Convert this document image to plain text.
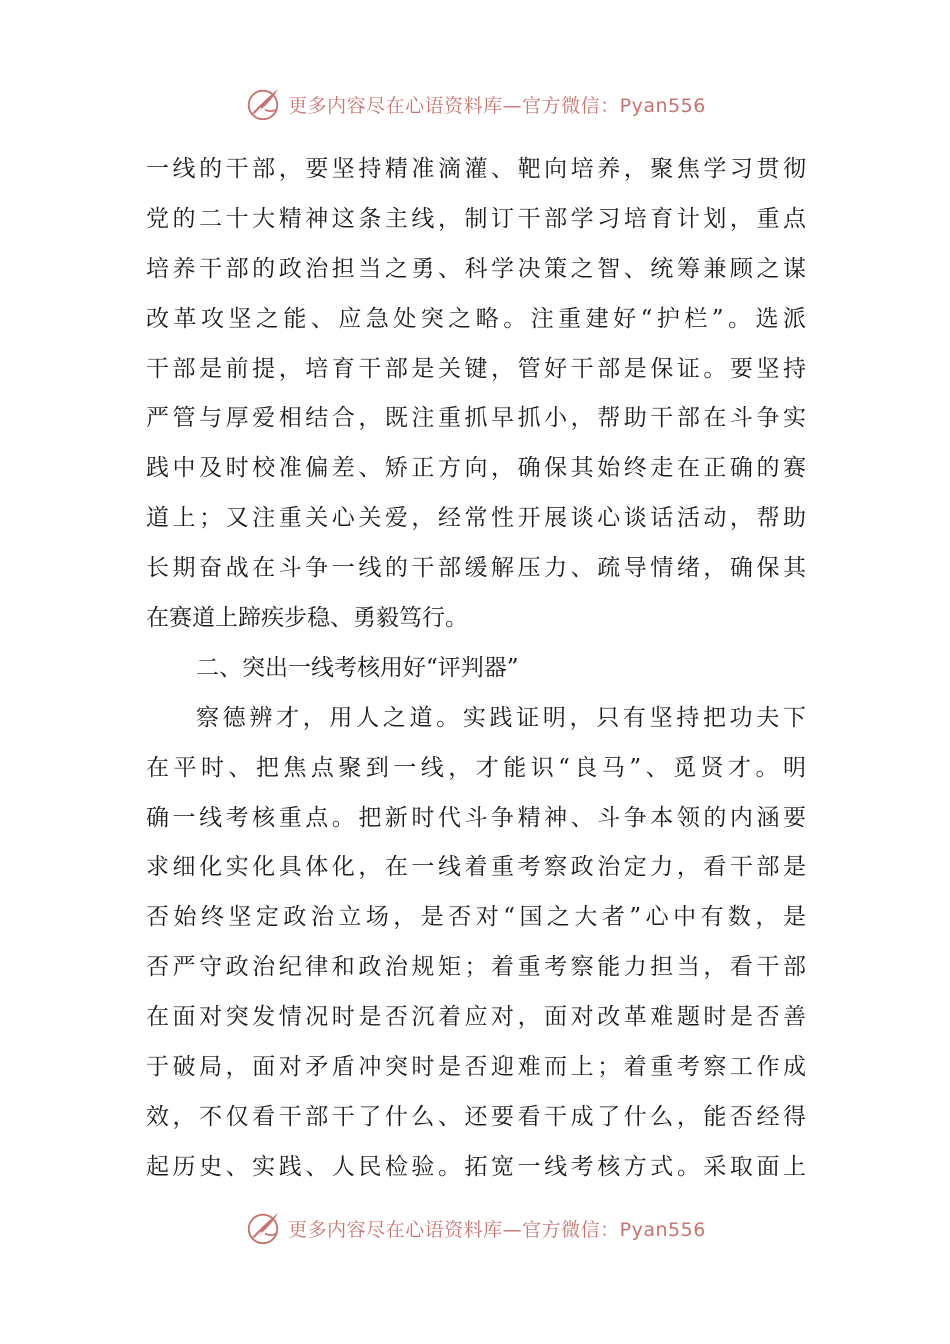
更多内容尽在心语资料库—官方微信：Pyan556
一线的干部，要坚持精准滴灌、靶向培养，聚焦学习贯彻
党的二十大精神这条主线，制订干部学习培育计划，重点
培养干部的政治担当之勇、科学决策之智、统筹兼顾之谋
改革攻坚之能、应急处突之略。注重建好“护栏”。选派
干部是前提，培育干部是关键，管好干部是保证。要坚持
严管与厚爱相结合，既注重抓早抓小，帮助干部在斗争实
践中及时校准偏差、矫正方向，确保其始终走在正确的赛
道上；又注重关心关爱，经常性开展谈心谈话活动，帮助
长期奋战在斗争一线的干部缓解压力、疏导情绪，确保其
在赛道上蹄疾步稳、勇毅笃行。
二、突出一线考核用好“评判器”
察德辨才，用人之道。实践证明，只有坚持把功夫下
在平时、把焦点聚到一线，才能识“良马”、觅贤才。明
确一线考核重点。把新时代斗争精神、斗争本领的内涵要
求细化实化具体化，在一线着重考察政治定力，看干部是
否始终坚定政治立场，是否对“国之大者”心中有数，是
否严守政治纪律和政治规矩；着重考察能力担当，看干部
在面对突发情况时是否沉着应对，面对改革难题时是否善
于破局，面对矛盾冲突时是否迎难而上；着重考察工作成
效，不仅看干部干了什么、还要看干成了什么，能否经得
起历史、实践、人民检验。拓宽一线考核方式。采取面上
更多内容尽在心语资料库—官方微信：Pyan556
